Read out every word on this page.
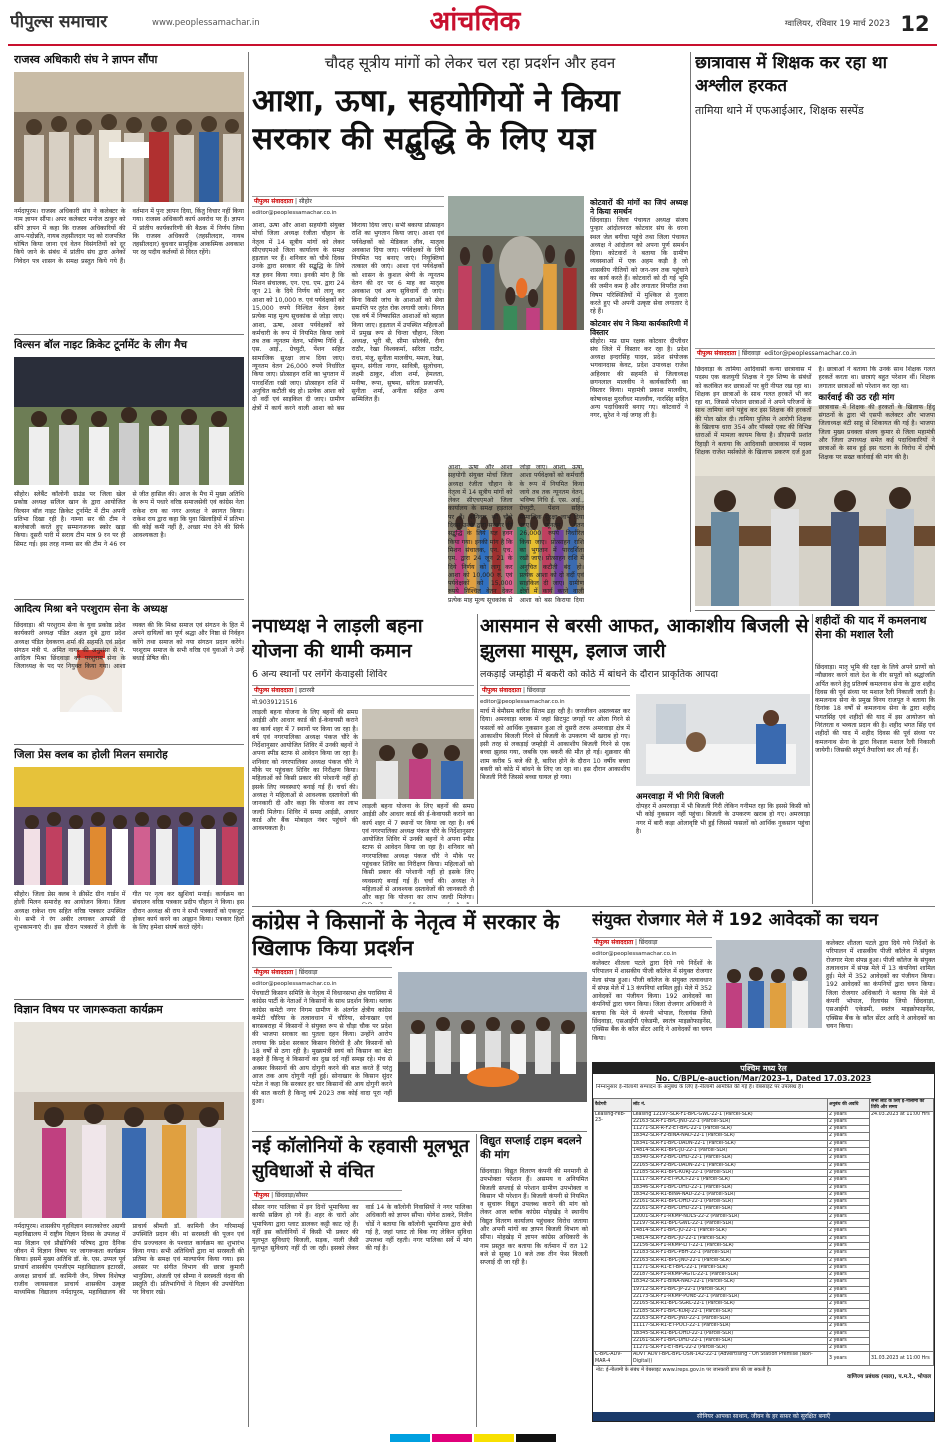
पीपुल्स समाचार	www.peoplessamachar.in	आंचलिक	ग्वालियर, रविवार 19 मार्च 2023 12
राजस्व अधिकारी संघ ने ज्ञापन सौंपा
नर्मदापुरम। राजस्व अधिकारी संघ ने कलेक्टर के नाम ज्ञापन सौंपा। अपर कलेक्टर मनोज ठाकुर को सौंपे ज्ञापन में कहा कि राजस्व अधिकारियों की आप-पदोन्नति, नायब तहसीलदार पद को राजपत्रित घोषित किया जाना एवं वेतन विसंगतियों को दूर किये जाने के संबंध में प्रांतीय संघ द्वारा अनेकों निवेदन पत्र शासन के समक्ष प्रस्तुत किये गये हैं। वर्तमान में पुनः ज्ञापन दिया, किंतु विचार नहीं किया गया। राजस्व अधिकारी कार्य अवरोध पर हैं। ज्ञापन में प्रांतीय कार्यकारिणी की बैठक में निर्णय लिया कि राजस्व अधिकारी (तहसीलदार, नायब तहसीलदार) बुधवार सामूहिक आकस्मिक अवकाश पर रह पदीय कर्तव्यों से विरत रहेंगे।
विल्सन बॉल नाइट क्रिकेट टूर्नामेंट के लीग मैच
सीहोर। स्लेबैंट कॉलोनी ग्राउंड पर जिला खेल प्रकोष्ठ अध्यक्ष सलिल खान के द्वारा आयोजित विल्सन बॉल नाइट क्रिकेट टूर्नामेंट में टीम अपनी प्रतिभा दिखा रही है। नाम्या सर की टीम ने बल्लेबाजी करते हुए सम्मानजनक स्कोर खड़ा किया। दूसरी पारी में सराय टीम मात्र 9 रन पर ही सिमट गई। इस तरह नाम्या सर की टीम ने 46 रन से जीत हासिल की। आज के मैच में मुख्य अतिथि के रूप में पधारे वरिष्ठ समाजसेवी एवं कांग्रेस नेता राकेश राय का नगर अध्यक्ष ने स्वागत किया। राकेश राय द्वारा कहा कि युवा खिलाड़ियों में प्रतिभा की कोई कमी नहीं है, अच्छा मंच देने की सिर्फ आवश्यकता है।
आदित्य मिश्रा बने परशुराम सेना के अध्यक्ष
छिंदवाड़ा। श्री परशुराम सेना के युवा प्रकोष्ठ प्रदेश कार्यकारी अध्यक्ष पंडित अक्षत दुबे द्वारा प्रदेश अध्यक्ष पंडित देवकरण शर्मा की सहमति एवं प्रदेश संगठन मंत्री पं. अमित नागर की अनुशंसा से पं. आदित्य मिश्रा छिंदवाड़ा को परशुराम सेना के जिलाध्यक्ष के पद पर नियुक्त किया गया। आशा व्यक्त की कि मिश्रा समाज एवं संगठन के हित में अपने दायित्वों का पूर्ण श्रद्धा और निष्ठा से निर्वहन करेंगे तथा समाज को नया संगठन प्रदान करेंगे। परशुराम समाज के सभी वरिष्ठ एवं युवाओं ने उन्हें बधाई प्रेषित की।
जिला प्रेस क्लब का होली मिलन समारोह
सीहोर। जिला प्रेस क्लब ने क्रीसेंट ग्रीन गार्डन में होली मिलन समारोह का आयोजन किया। जिला अध्यक्ष राकेश राय सहित वरिष्ठ पत्रकार उपस्थित थे। सभी ने रंग अबीर लगाकर आपसी दी शुभकामनाएं दी। इस दौरान पत्रकारों ने होली के गीत पर नृत्य कर खुशियां मनाई। कार्यक्रम का संचालन वरिष्ठ पत्रकार प्रदीप चौहान ने किया। इस दौरान अध्यक्ष श्री राय ने सभी पत्रकारों को एकजुट होकर कार्य करने का आह्वान किया। पत्रकार हितों के लिए हमेशा संघर्ष करते रहेंगे।
विज्ञान विषय पर जागरूकता कार्यक्रम
नर्मदापुरम। शासकीय गृहविज्ञान स्नातकोत्तर अग्रणी महाविद्यालय में राष्ट्रीय विज्ञान दिवस के उपलक्ष में मप्र विज्ञान एवं प्रौद्योगिकी परिषद द्वारा दैनिक जीवन में विज्ञान विषय पर जागरूकता कार्यक्रम किया। इसमें मुख्य अतिथि डॉ. के. एस. उप्पल पूर्व प्राचार्य शासकीय एमजीएम महाविद्यालय इटारसी, अध्यक्ष प्राचार्य डॉ. कामिनी जैन, विषय विशेषज्ञ राजीव जायसवाल प्राचार्य शासकीय उत्कृष्ट माध्यमिक विद्यालय नर्मदापुरम, महाविद्यालय की प्राचार्य श्रीमती डॉ. कामिनी जैन गरिमामई उपस्थिति प्रदान की। मां सरस्वती की पूजन एवं दीप प्रज्ज्वलन के पश्चात कार्यक्रम का शुभारंभ किया गया। सभी अतिथियों द्वारा मां सरस्वती की प्रतिमा के समक्ष एवं माल्यार्पण किया गया। इस अवसर पर संगीत विभाग की छात्रा कुमारी भानुप्रिया, अंजली एवं सौम्या ने सरस्वती वंदना की प्रस्तुति दी। प्रतिभागियों ने विज्ञान की उपयोगिता पर विचार रखे।
चौदह सूत्रीय मांगों को लेकर चल रहा प्रदर्शन और हवन
आशा, ऊषा, सहयोगियों ने किया सरकार की सद्बुद्धि के लिए यज्ञ
पीपुल्स संवाददाता | सीहोर
editor@peoplessamachar.co.in
आशा, ऊषा और आशा सहयोगी संयुक्त मोर्चा जिला अध्यक्ष रंजीता चौहान के नेतृत्व में 14 सूत्रीय मांगों को लेकर सीएचएमओ जिला कार्यालय के समक्ष हड़ताल पर हैं। शनिवार को चौथे दिवस उनके द्वारा सरकार की सद्बुद्धि के लिये यज्ञ हवन किया गया। इनकी मांग है कि मिशन संचालक, एन. एच. एम. द्वारा 24 जून 21 के दिये निर्णय को लागू कर आशा को 10,000 रु. एवं पर्यवेक्षकों को 15,000 रुपये निश्चित वेतन देकर प्रत्येक माह मूल्य सूचकांक से जोड़ा जाए। आशा, ऊषा, आशा पर्यवेक्षकों को कर्मचारी के रूप में नियमित किया जाये तब तक न्यूनतम वेतन, भविष्य निधि ई. एस. आई., ग्रेच्युटी, पेंशन सहित सामाजिक सुरक्षा लाभ दिया जाए। न्यूनतम वेतन 26,000 रुपये निर्धारित किया जाए। प्रोत्साहन राशि का भुगतान में पारदर्शिता रखी जाए। प्रोत्साहन राशि में अनुचित कटौती बंद हो। प्रत्येक आशा को दो वर्दी एवं साइकिल दी जाए। ग्रामीण क्षेत्रों में कार्य करने वाली आशा को बस किराया दिया जाए। सभी बकाया प्रोत्साहन राशि का भुगतान किया जाए। आशा एवं पर्यवेक्षकों को मेडिकल लीव, मातृत्व अवकाश दिया जाए। पर्यवेक्षकों के लिये नियमित पद बनाए जाएं। नियुक्तियां तत्काल की जाएं। आशा एवं पर्यवेक्षकों को शासन के कुशल श्रेणी के न्यूनतम वेतन की दर पर 6 माह का मातृत्व अवकाश एवं अन्य सुविधायें दी जाएं। बिना किसी जांच के आशाओं को सेवा समाप्ति पर तुरंत रोक लगायी जाये। विगत एक वर्ष में निष्कासित आशाओं को बहाल किया जाए। हड़ताल में उपस्थित महिलाओं में प्रमुख रूप से चिन्ता चौहान, जिला अध्यक्ष, भूरी बी, सीमा सोलंकी, रीना राठौर, रेखा विश्वकर्मा, सरिता राठौर, राधा, मंजू, सुनीता मालवीय, ममता, रेखा, सुमन, संगीता नागर, सावित्री, सुलोचना, लक्ष्मी ठाकुर, शीला शर्मा, हेमलता, मनीषा, रूपा, सुषमा, सरिता प्रजापति, सुनीता शर्मा, अनीता सहित अन्य सम्मिलित हैं।
आशा, ऊषा और आशा सहयोगी संयुक्त मोर्चा जिला अध्यक्ष रंजीता चौहान के नेतृत्व में 14 सूत्रीय मांगों को लेकर सीएचएमओ जिला कार्यालय के समक्ष हड़ताल पर हैं। शनिवार को चौथे दिवस उनके द्वारा सरकार की सद्बुद्धि के लिये यज्ञ हवन किया गया। इनकी मांग है कि मिशन संचालक, एन. एच. एम. द्वारा 24 जून 21 के दिये निर्णय को लागू कर आशा को 10,000 रु. एवं पर्यवेक्षकों को 15,000 रुपये निश्चित वेतन देकर प्रत्येक माह मूल्य सूचकांक से जोड़ा जाए। आशा, ऊषा, आशा पर्यवेक्षकों को कर्मचारी के रूप में नियमित किया जाये तब तक न्यूनतम वेतन, भविष्य निधि ई. एस. आई., ग्रेच्युटी, पेंशन सहित सामाजिक सुरक्षा लाभ दिया जाए। न्यूनतम वेतन 26,000 रुपये निर्धारित किया जाए। प्रोत्साहन राशि का भुगतान में पारदर्शिता रखी जाए। प्रोत्साहन राशि में अनुचित कटौती बंद हो। प्रत्येक आशा को दो वर्दी एवं साइकिल दी जाए। ग्रामीण क्षेत्रों में कार्य करने वाली आशा को बस किराया दिया
छात्रावास में शिक्षक कर रहा था अश्लील हरकत
तामिया थाने में एफआईआर, शिक्षक सस्पेंड
पीपुल्स संवाददाता | छिंदवाड़ा editor@peoplessamachar.co.in
छिंदवाड़ा के तामिया आदिवासी कन्या छात्रावास में पदस्थ एक कलयुगी शिक्षक ने गुरु शिष्य के संबंधों को कलंकित कर छात्राओं पर बुरी नीयत रख रहा था। शिक्षक इन छात्राओं के साथ गलत हरकतें भी कर रहा था, जिससे परेशान छात्राओं ने अपने परिजनों के साथ तामिया थाने पहुंच कर इस शिक्षक की हरकतों की पोल खोल दी। तामिया पुलिस ने आरोपी शिक्षक के खिलाफ धारा 354 और पॉक्सो एक्ट की विभिन्न धाराओं में मामला कायम किया है। डीएसपी प्रशांत रिहाड़ी ने बताया कि आदिवासी छात्रावास में पदस्थ शिक्षक राजेश मर्सकोले के खिलाफ प्रकरण दर्ज हुआ है। छात्राओं ने बताया कि उनके साथ शिक्षक गलत हरकतें करता था। छात्राएं बहुत परेशान थीं। शिक्षक लगातार छात्राओं को परेशान कर रहा था।
कार्रवाई की उठ रही मांग
छात्रावास में शिक्षक की हरकतों के खिलाफ हिंदू संगठनों के द्वारा भी एसपी कलेक्टर और भाजपा जिलाध्यक्ष बंटी साहू से शिकायत की गई है। भाजपा जिला मुख्य प्रवक्ता संजय कुमार से जिला महामंत्री और जिला उपाध्यक्ष समेत कई पदाधिकारियों ने छात्राओं के साथ हुई इस घटना के विरोध में दोषी शिक्षक पर सख्त कार्रवाई की मांग की है।
शहीदों की याद में कमलनाथ सेना की मशाल रैली
छिंदवाड़ा। मातृ भूमि की रक्षा के लिये अपने प्राणों को न्यौछावर करने वाले देश के वीर सपूतों को श्रद्धांजलि अर्पित करने हेतु प्रतिवर्ष कमलनाथ सेना के द्वारा शहीद दिवस की पूर्व संध्या पर मशाल रैली निकाली जाती है। कमलनाथ सेना के प्रमुख विनय राजपूत ने बताया कि दिनांक 18 वर्षों से कमलनाथ सेना के द्वारा शहीद भगतसिंह एवं शहीदों की याद में इस आयोजन को निरंतरता व भव्यता प्रदान की है। शहीद भगत सिंह एवं शहीदों की याद में शहीद दिवस की पूर्व संध्या पर कमलनाथ सेना के द्वारा विशाल मशाल रैली निकाली जायेगी। जिसकी संपूर्ण तैयारियां कर ली गई हैं।
नपाध्यक्ष ने लाड़ली बहना योजना की थामी कमान
6 अन्य स्थानों पर लगेंगे केवाइसी शिविर
पीपुल्स संवाददाता | इटारसी
मो.9039121516
लाड़ली बहना योजना के लिए बहनों की समग्र आईडी और आधार कार्ड की ई-केवायसी कराने का कार्य शहर में 7 स्थानों पर किया जा रहा है। वर्ष एवं नगरपालिका अध्यक्ष पंकज चौरे के निर्देशानुसार आयोजित शिविर में उनकी बहनों ने अपना स्पीड स्टाफ से आवेदन किया जा रहा है। शनिवार को नगरपालिका अध्यक्ष पंकज चौरे ने मौके पर पहुंचकर शिविर का निरीक्षण किया। महिलाओं को किसी प्रकार की परेशानी नहीं हो इसके लिए व्यवस्थाएं बनाई गई हैं। चर्चा की। अध्यक्ष ने महिलाओं से आवश्यक दस्तावेजों की जानकारी दी और कहा कि योजना का लाभ जल्दी मिलेगा। शिविर में समग्र आईडी, आधार कार्ड और बैंक मोबाइल नंबर पहुंचने की आवश्यकता है।
लाड़ली बहना योजना के लिए बहनों की समग्र आईडी और आधार कार्ड की ई-केवायसी कराने का कार्य शहर में 7 स्थानों पर किया जा रहा है। वर्ष एवं नगरपालिका अध्यक्ष पंकज चौरे के निर्देशानुसार आयोजित शिविर में उनकी बहनों ने अपना स्पीड स्टाफ से आवेदन किया जा रहा है। शनिवार को नगरपालिका अध्यक्ष पंकज चौरे ने मौके पर पहुंचकर शिविर का निरीक्षण किया। महिलाओं को किसी प्रकार की परेशानी नहीं हो इसके लिए व्यवस्थाएं बनाई गई हैं। चर्चा की। अध्यक्ष ने महिलाओं से आवश्यक दस्तावेजों की जानकारी दी और कहा कि योजना का लाभ जल्दी मिलेगा।
आसमान से बरसी आफत, आकाशीय बिजली से झुलसा मासूम, इलाज जारी
लकड़ाई जम्होड़ी में बकरी को कोठे में बांधने के दौरान प्राकृतिक आपदा
पीपुल्स संवाददाता | छिंदवाड़ा
editor@peoplessamachar.co.in
मार्च में बेमौसम बारिश सितम ढहा रही है। जनजीवन अस्तव्यस्त कर दिया। अमरवाड़ा ब्लाक में जहां छिटपुट जगहों पर ओला गिरने से फसलों को आर्थिक नुकसान हुआ तो दूसरी तरफ अमरवाड़ा क्षेत्र में आकाशीय बिजली गिरने से बिजली के उपकरण भी खराब हो गए। इसी तरह से लकड़ाई जम्होड़ी में आकाशीय बिजली गिरने से एक बच्चा झुलस गया, जबकि एक बकरी की मौत हो गई। शुक्रवार की शाम करीब 5 बजे की है, बारिश होने के दौरान 10 वर्षीय बच्चा बकरी को कोठे में बांधने के लिए जा रहा था। इस दौरान आकाशीय बिजली गिरी जिससे बच्चा घायल हो गया।
अमरवाड़ा में भी गिरी बिजली
दोपहर में अमरवाड़ा में भी बिजली गिरी लेकिन गनीमत रहा कि इससे किसी को भी कोई नुकसान नहीं पहुंचा। बिजली के उपकरण खराब हो गए। अमरवाड़ा नगर में बारी कड़ा ओलावृष्टि भी हुई जिससे फसलों को आर्थिक नुकसान पहुंचा है।
कांग्रेस ने किसानों के नेतृत्व में सरकार के खिलाफ किया प्रदर्शन
पीपुल्स संवाददाता | छिंदवाड़ा
editor@peoplessamachar.co.in
पेंचघाटी किसान समिति के नेतृत्व में विधानसभा क्षेत्र परासिया में कांग्रेस पार्टी के नेताओं ने किसानों के साथ प्रदर्शन किया। ब्लाक कांग्रेस कमेटी नगर निगम ग्रामीण के अंतर्गत क्षेत्रीय कांग्रेस कमेटी चौरिया के तत्वावधान में चौरिया, सोनाखार एवं बारसबराहा में किसानों ने संयुक्त रूप से चौड़ा चौक पर प्रदेश की भाजपा सरकार का पुतला दहन किया। उन्होंने आरोप लगाया कि प्रदेश सरकार किसान विरोधी है और किसानों को 18 वर्षों से ठगा रही है। मुख्यमंत्री स्वयं को किसान का बेटा कहते हैं किन्तु वे किसानों का दुख दर्द नहीं समझ रहे। मंच से अक्सर किसानों की आय दोगुनी करने की बात करते हैं परंतु आज तक आय दोगुनी नहीं हुई। सोनाखार के किसान सुंदर पटेल ने कहा कि सरकार हर चार किसानों की आय दोगुनी करने की बात करती है किन्तु वर्ष 2023 तक कोई वादा पूरा नहीं हुआ।
संयुक्त रोजगार मेले में 192 आवेदकों का चयन
पीपुल्स संवाददाता | छिंदवाड़ा
editor@peoplessamachar.co.in
कलेक्टर शीतला पटले द्वारा दिये गये निर्देशों के परिपालन में शासकीय पीजी कॉलेज में संयुक्त रोजगार मेला संपन्न हुआ। पीजी कॉलेज के संयुक्त तत्वावधान में संपन्न मेले में 13 कंपनियां शामिल हुई। मेले में 352 आवेदकों का पंजीयन किया। 192 आवेदकों का कंपनियों द्वारा चयन किया। जिला रोजगार अधिकारी ने बताया कि मेले में कंपनी भोपाल, रिलायंस जियो छिंदवाड़ा, एसआईपी एकेडमी, स्वतंत्र माइक्रोफाइनेंस, एक्सिस बैंक के कॉल सेंटर आदि ने आवेदकों का चयन किया।
कलेक्टर शीतला पटले द्वारा दिये गये निर्देशों के परिपालन में शासकीय पीजी कॉलेज में संयुक्त रोजगार मेला संपन्न हुआ। पीजी कॉलेज के संयुक्त तत्वावधान में संपन्न मेले में 13 कंपनियां शामिल हुई। मेले में 352 आवेदकों का पंजीयन किया। 192 आवेदकों का कंपनियों द्वारा चयन किया। जिला रोजगार अधिकारी ने बताया कि मेले में कंपनी भोपाल, रिलायंस जियो छिंदवाड़ा, एसआईपी एकेडमी, स्वतंत्र माइक्रोफाइनेंस, एक्सिस बैंक के कॉल सेंटर आदि ने आवेदकों का चयन किया।
पश्चिम मध्य रेल
No. C/BPL/e-auction/Mar/2023-1, Dated 17.03.2023
निम्नानुसार ई-नीलामी सम्पादन के अनुबंध के लिए ई-नीलामी आमंत्रित की गई है। वेबसाइट पर उपलब्ध है।
कैटेगरी	लॉट नं.	अनुबंध की अवधि	सभी लॉट के लिए ई-नीलामी की तिथि और समय
Leasing-Feb-23-	Leasing 12197-SLR-F1-BPL-GWL-22-1 (Parcel-SLR)	2 years	24.03.2023 at 11:00 Hrs
	22163-SLR-F1-BPL-JNU-22-1 (Parcel-SLR)	2 years	
	11271-SLR-R-F2-ET-BPL-22-1 (Parcel-SLR)	2 years	
	18342-SLR-F2-BINA-NAD-22-1 (Parcel-SLR)	2 years	
	18341-SLR-F1-BPL-DADN-22-1 (Parcel-SLR)	2 years	
	14814-SLR-R1-BPL-JU-22-1 (Parcel-SLR)	2 years	
	18340-SLR-F2-BPL-DHD-22-1 (Parcel-SLR)	2 years	
	22165-SLR-F2-BPL-DADN-22-1 (Parcel-SLR)	2 years	
	12185-SLR-R1-BPL-KURJ-22-1 (Parcel-SLR)	2 years	
	11117-SLR-F2-ET-POCI-22-1 (Parcel-SLR)	2 years	
	18346-SLR-F1-BPL-DHD-22-1 (Parcel-SLR)	2 years	
	18342-SLR-R1-BINA-NAD-22-1 (Parcel-SLR)	2 years	
	22161-SLR-R1-BPL-DHD-22-1 (Parcel-SLR)	2 years	
	22161-SLR-F2-BPL-DHD-22-1 (Parcel-SLR)	2 years	
	12001-SLR-F1-RKMP-NDLS-22-2 (Parcel-SLR)	2 years	
	12197-SLR-R1-BPL-GWL-22-1 (Parcel-SLR)	2 years	
	14814-SLR-F1-BPL-JU-22-1 (Parcel-SLR)	2 years	
	14814-SLR-F2-BPL-JU-22-1 (Parcel-SLR)	2 years	
	12156-SLR-F1-RKMP-LTT-22-1 (Parcel-SLR)	2 years	
	12183-SLR-F1-BPL-PBH-22-1 (Parcel-SLR)	2 years	
	22163-SLR-R1-BPL-JNU-22-1 (Parcel-SLR)	2 years	
	11271-SLR-R1-ET-BPL-22-1 (Parcel-SLR)	2 years	
	22187-SLR-F1-RKMP-AGTL-22-1 (Parcel-SLR)	2 years	
	18342-SLR-F1-BINA-NAD-22-1 (Parcel-SLR)	2 years	
	19712-SLR-F1-BPL-JP-22-1 (Parcel-SLR)	2 years	
	22173-SLR-F1-RKMP-PUNE-22-1 (Parcel-SLR)	2 years	
	22165-SLR-R1-BPL-SGRL-22-1 (Parcel-SLR)	2 years	
	12185-SLR-F1-BPL-KURJ-22-1 (Parcel-SLR)	2 years	
	22163-SLR-F2-BPL-JNU-22-1 (Parcel-SLR)	2 years	
	11117-SLR-R1-ET-POCI-22-1 (Parcel-SLR)	2 years	
	18345-SLR-R1-BPL-DHD-22-1 (Parcel-SLR)	2 years	
	22161-SLR-F1-BPL-DHD-22-1 (Parcel-SLR)	2 years	
	11271-SLR-F1-ET-BPL-22-2 (Parcel-SLR)	2 years	
C-BPL-ADV-MAR-4	ADVT ADVT-BPL-BPL-OSN-142-22-1 (Advertising - On Station Premise (Non-Digital))	3 years	31.03.2023 at 11:00 Hrs
नोट: ई-नीलामी के संबंध में वेबसाइट www.ireps.gov.in पर जानकारी प्राप्त की जा सकती है।
वाणिज्य प्रबंधक (माल), प.म.रे., भोपाल
सीनियर आपका साथान, जीवन के हर सफ़र को सुरक्षित बनाएँ
नई कॉलोनियों के रहवासी मूलभूत सुविधाओं से वंचित
पीपुल्स | छिंदवाड़ा/सौसर
सौसर नगर पालिका में इन दिनों भूमाफिया का काफी सक्रिय हो गये हैं। शहर के चारों ओर भूमाफिया द्वारा प्लाट डालकर कट्टी काट रहे हैं। वहीं इस कॉलोनियों में किसी भी प्रकार की मूलभूत सुविधाएं बिजली, सड़क, नाली जैसी मूलभूत सुविधाएं नहीं दी जा रही। इसको लेकर वार्ड 14 के कॉलोनी निवासियों ने नगर पालिका अधिकारी को ज्ञापन सौंपा। योगेश ठाकरे, नितीन चोर्डे ने बताया कि कॉलोनी भूमाफिया द्वारा बेची गई है, जहां प्लाट तो बिक गए लेकिन सुविधा उपलब्ध नहीं रहती। नगर पालिका सर्वे में मांग की गई है।
विद्युत सप्लाई टाइम बदलने की मांग
छिंदवाड़ा। विद्युत वितरण कंपनी की मनमानी से उपभोक्ता परेशान हैं। असमय व अनियमित बिजली सप्लाई से परेशान ग्रामीण उपभोक्ता व किसान भी परेशान हैं। बिजली कंपनी से नियमित व सुचारू विद्युत उपलब्ध कराने की मांग को लेकर आज ब्लॉक कांग्रेस मोहखेड़ ने स्थानीय विद्युत वितरण कार्यालय पहुंचकर विरोध जताया और अपनी मांगों का ज्ञापन बिजली विभाग को सौंपा। मोहखेड़ में ज्ञापन कांग्रेस अधिकारी के नाम प्रस्तुत कर बताया कि वर्तमान में रात 12 बजे से सुबह 10 बजे तक तीन फेस बिजली सप्लाई दी जा रही है।
कोटवारों की मांगों का जिपं अध्यक्ष ने किया समर्थन
छिंदवाड़ा। जिला पंचायत अध्यक्ष संजय पुन्हार आंदोलनरत कोटवार संघ के धरना स्थल जेल बगीचा पहुंचे तथा जिला पंचायत अध्यक्ष ने आंदोलन को अपना पूर्ण समर्थन दिया। कोटवारों ने बताया कि ग्रामीण व्यवस्थाओं में एक अहम कड़ी है जो शासकीय नीतियों को जन-जन तक पहुंचाने का कार्य करते हैं। कोटवारों को दी गई भूमि की जमीन कम है और लगातार विपरीत तथा विषम परिस्थितियों में मुश्किल से गुजारा करते हुए भी अपनी उत्कृष्ट सेवा लगातार दे रहे हैं।
कोटवार संघ ने किया कार्यकारिणी में विस्तार
सीहोर। मप्र ग्राम रक्षक कोटवार दीप्तीधर संघ जिले में विस्तार कर रहा है। प्रदेश अध्यक्ष इन्दरसिंह यादव, प्रदेश संयोजक भगवानदास केवट, प्रदेश उपाध्यक्ष राजेश अहिरवार की सहमति से जिलाध्यक्ष छगनलाल मालवीय ने कार्यकारिणी का विस्तार किया। महामंत्री प्रकाश मालवीय, कोषाध्यक्ष मुरलीधर मालवीय, नारसिंह सहित अन्य पदाधिकारी बनाए गए। कोटवारों ने नगर, सुरेश ने नई जगह ली है।
